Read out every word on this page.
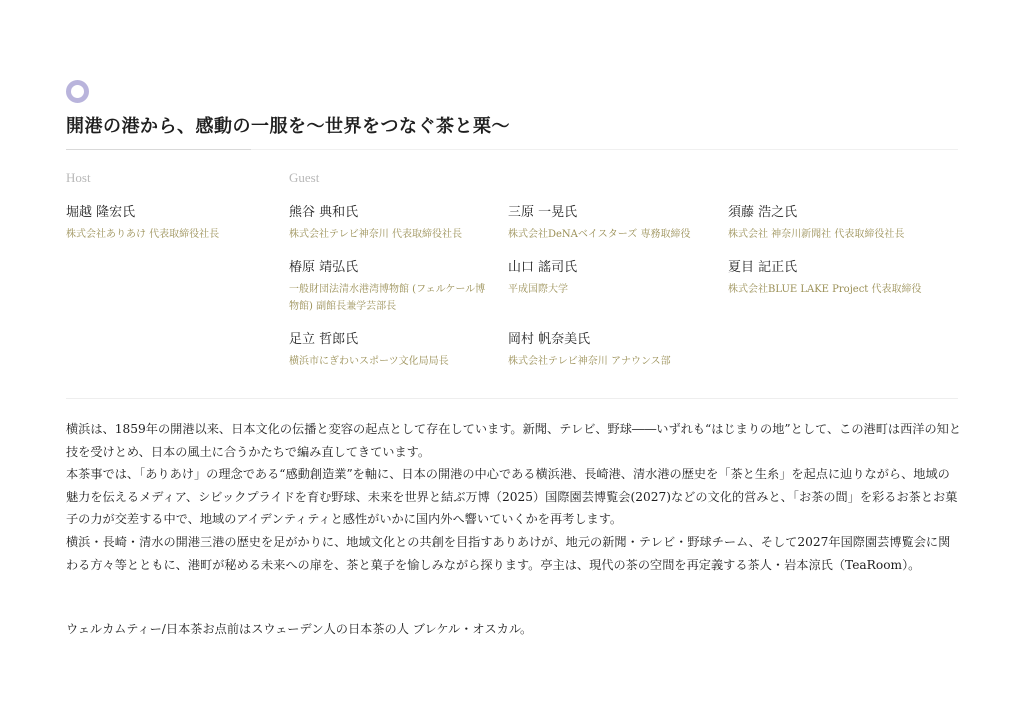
開港の港から、感動の一服を〜世界をつなぐ茶と栗〜
Host	Guest
堀越 隆宏氏
株式会社ありあけ 代表取締役社長
熊谷 典和氏
株式会社テレビ神奈川 代表取締役社長
三原 一晃氏
株式会社DeNAベイスターズ 専務取締役
須藤 浩之氏
株式会社 神奈川新聞社 代表取締役社長
椿原 靖弘氏
一般財団法清水港湾博物館 (フェルケール博物館) 副館長兼学芸部長
山口 謠司氏
平成国際大学
夏目 記正氏
株式会社BLUE LAKE Project 代表取締役
足立 哲郎氏
横浜市にぎわいスポーツ文化局局長
岡村 帆奈美氏
株式会社テレビ神奈川 アナウンス部

横浜は、1859年の開港以来、日本文化の伝播と変容の起点として存在しています。新聞、テレビ、野球――いずれも“はじまりの地”として、この港町は西洋の知と技を受けとめ、日本の風土に合うかたちで編み直してきています。

本茶事では、「ありあけ」の理念である“感動創造業”を軸に、日本の開港の中心である横浜港、長崎港、清水港の歴史を「茶と生糸」を起点に辿りながら、地域の魅力を伝えるメディア、シビックプライドを育む野球、未来を世界と結ぶ万博（2025）国際園芸博覧会(2027)などの文化的営みと、「お茶の間」を彩るお茶とお菓子の力が交差する中で、地域のアイデンティティと感性がいかに国内外へ響いていくかを再考します。

横浜・長崎・清水の開港三港の歴史を足がかりに、地域文化との共創を目指すありあけが、地元の新聞・テレビ・野球チーム、そして2027年国際園芸博覧会に関わる方々等とともに、港町が秘める未来への扉を、茶と菓子を愉しみながら探ります。亭主は、現代の茶の空間を再定義する茶人・岩本涼氏（TeaRoom）。

ウェルカムティー/日本茶お点前はスウェーデン人の日本茶の人 ブレケル・オスカル。
